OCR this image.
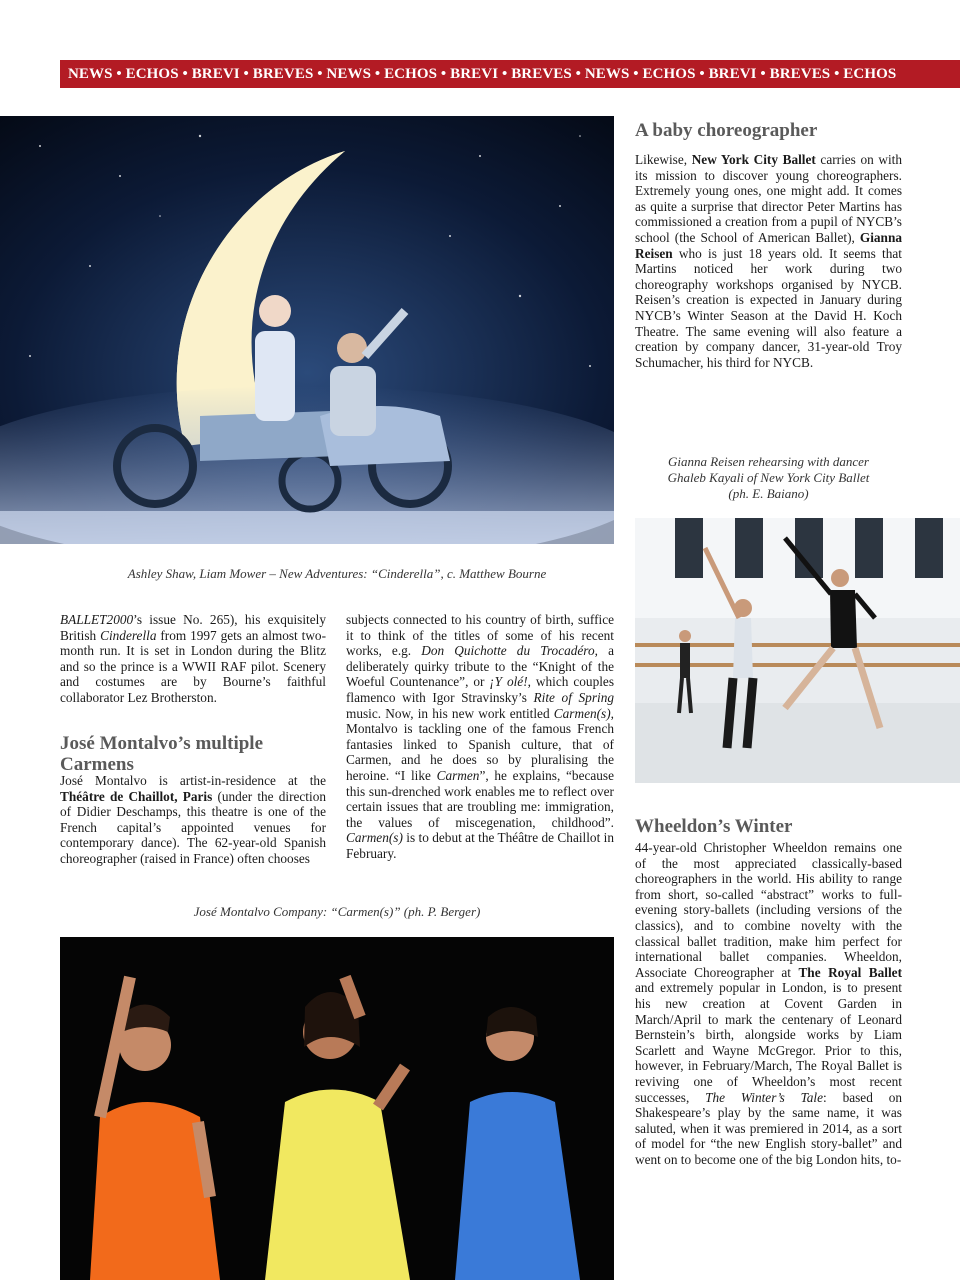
NEWS • ECHOS • BREVI • BREVES • NEWS • ECHOS • BREVI • BREVES • NEWS • ECHOS • BREVI • BREVES • ECHOS
Ashley Shaw, Liam Mower – New Adventures: “Cinderella”, c. Matthew Bourne
A baby choreographer

Likewise, New York City Ballet carries on with its mission to discover young choreographers. Extremely young ones, one might add. It comes as quite a surprise that director Peter Martins has commissioned a creation from a pupil of NYCB’s school (the School of American Ballet), Gianna Reisen who is just 18 years old. It seems that Martins noticed her work during two choreography workshops organised by NYCB. Reisen’s creation is expected in January during NYCB’s Winter Season at the David H. Koch Theatre. The same evening will also feature a creation by company dancer, 31-year-old Troy Schumacher, his third for NYCB.

Gianna Reisen rehearsing with dancer
Ghaleb Kayali of New York City Ballet
(ph. E. Baiano)

BALLET2000’s issue No. 265), his exquisitely British Cinderella from 1997 gets an almost two-month run. It is set in London during the Blitz and so the prince is a WWII RAF pilot. Scenery and costumes are by Bourne’s faithful collaborator Lez Brotherston.

José Montalvo’s multiple Carmens

José Montalvo is artist-in-residence at the Théâtre de Chaillot, Paris (under the direction of Didier Deschamps, this theatre is one of the French capital’s appointed venues for contemporary dance). The 62-year-old Spanish choreographer (raised in France) often chooses

subjects connected to his country of birth, suffice it to think of the titles of some of his recent works, e.g. Don Quichotte du Trocadéro, a deliberately quirky tribute to the “Knight of the Woeful Countenance”, or ¡Y olé!, which couples flamenco with Igor Stravinsky’s Rite of Spring music. Now, in his new work entitled Carmen(s), Montalvo is tackling one of the famous French fantasies linked to Spanish culture, that of Carmen, and he does so by pluralising the heroine. “I like Carmen”, he explains, “because this sun-drenched work enables me to reflect over certain issues that are troubling me: immigration, the values of miscegenation, childhood”. Carmen(s) is to debut at the Théâtre de Chaillot in February.

José Montalvo Company: “Carmen(s)” (ph. P. Berger)
Wheeldon’s Winter

44-year-old Christopher Wheeldon remains one of the most appreciated classically-based choreographers in the world. His ability to range from short, so-called “abstract” works to full-evening story-ballets (including versions of the classics), and to combine novelty with the classical ballet tradition, make him perfect for international ballet companies. Wheeldon, Associate Choreographer at The Royal Ballet and extremely popular in London, is to present his new creation at Covent Garden in March/April to mark the centenary of Leonard Bernstein’s birth, alongside works by Liam Scarlett and Wayne McGregor. Prior to this, however, in February/March, The Royal Ballet is reviving one of Wheeldon’s most recent successes, The Winter’s Tale: based on Shakespeare’s play by the same name, it was saluted, when it was premiered in 2014, as a sort of model for “the new English story-ballet” and went on to become one of the big London hits, to-
